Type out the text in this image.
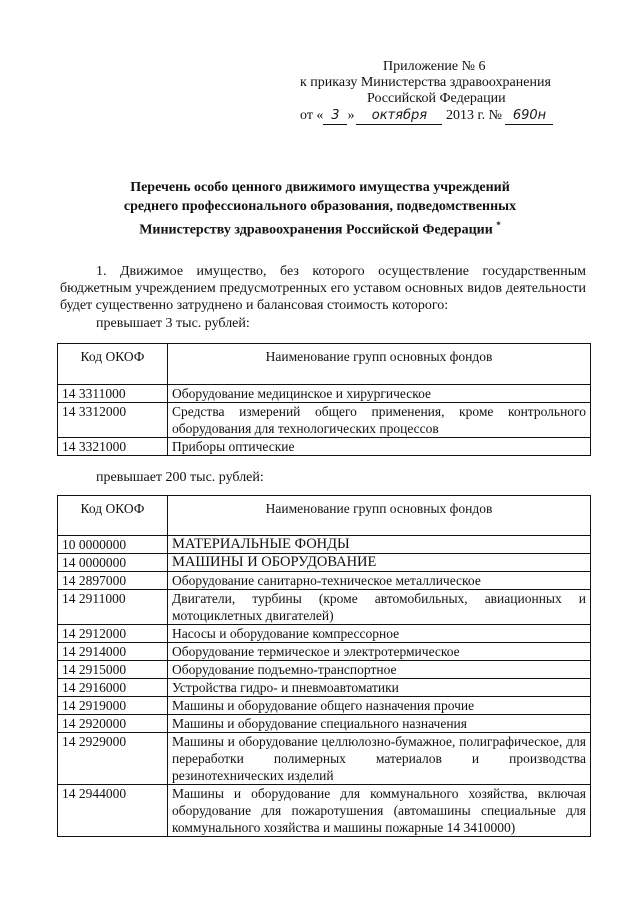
Приложение № 6
к приказу Министерства здравоохранения
Российской Федерации
от « 3 » октября 2013 г. № 690н
Перечень особо ценного движимого имущества учреждений
среднего профессионального образования, подведомственных
Министерству здравоохранения Российской Федерации *
1. Движимое имущество, без которого осуществление государственным бюджетным учреждением предусмотренных его уставом основных видов деятельности будет существенно затруднено и балансовая стоимость которого:
превышает 3 тыс. рублей:
Код ОКОФ	Наименование групп основных фондов
14 3311000	Оборудование медицинское и хирургическое
14 3312000	Средства измерений общего применения, кроме контрольного оборудования для технологических процессов
14 3321000	Приборы оптические
превышает 200 тыс. рублей:
Код ОКОФ	Наименование групп основных фондов
10 0000000	МАТЕРИАЛЬНЫЕ ФОНДЫ
14 0000000	МАШИНЫ И ОБОРУДОВАНИЕ
14 2897000	Оборудование санитарно-техническое металлическое
14 2911000	Двигатели, турбины (кроме автомобильных, авиационных и мотоциклетных двигателей)
14 2912000	Насосы и оборудование компрессорное
14 2914000	Оборудование термическое и электротермическое
14 2915000	Оборудование подъемно-транспортное
14 2916000	Устройства гидро- и пневмоавтоматики
14 2919000	Машины и оборудование общего назначения прочие
14 2920000	Машины и оборудование специального назначения
14 2929000	Машины и оборудование целлюлозно-бумажное, полиграфическое, для переработки полимерных материалов и производства резинотехнических изделий
14 2944000	Машины и оборудование для коммунального хозяйства, включая оборудование для пожаротушения (автомашины специальные для коммунального хозяйства и машины пожарные 14 3410000)
